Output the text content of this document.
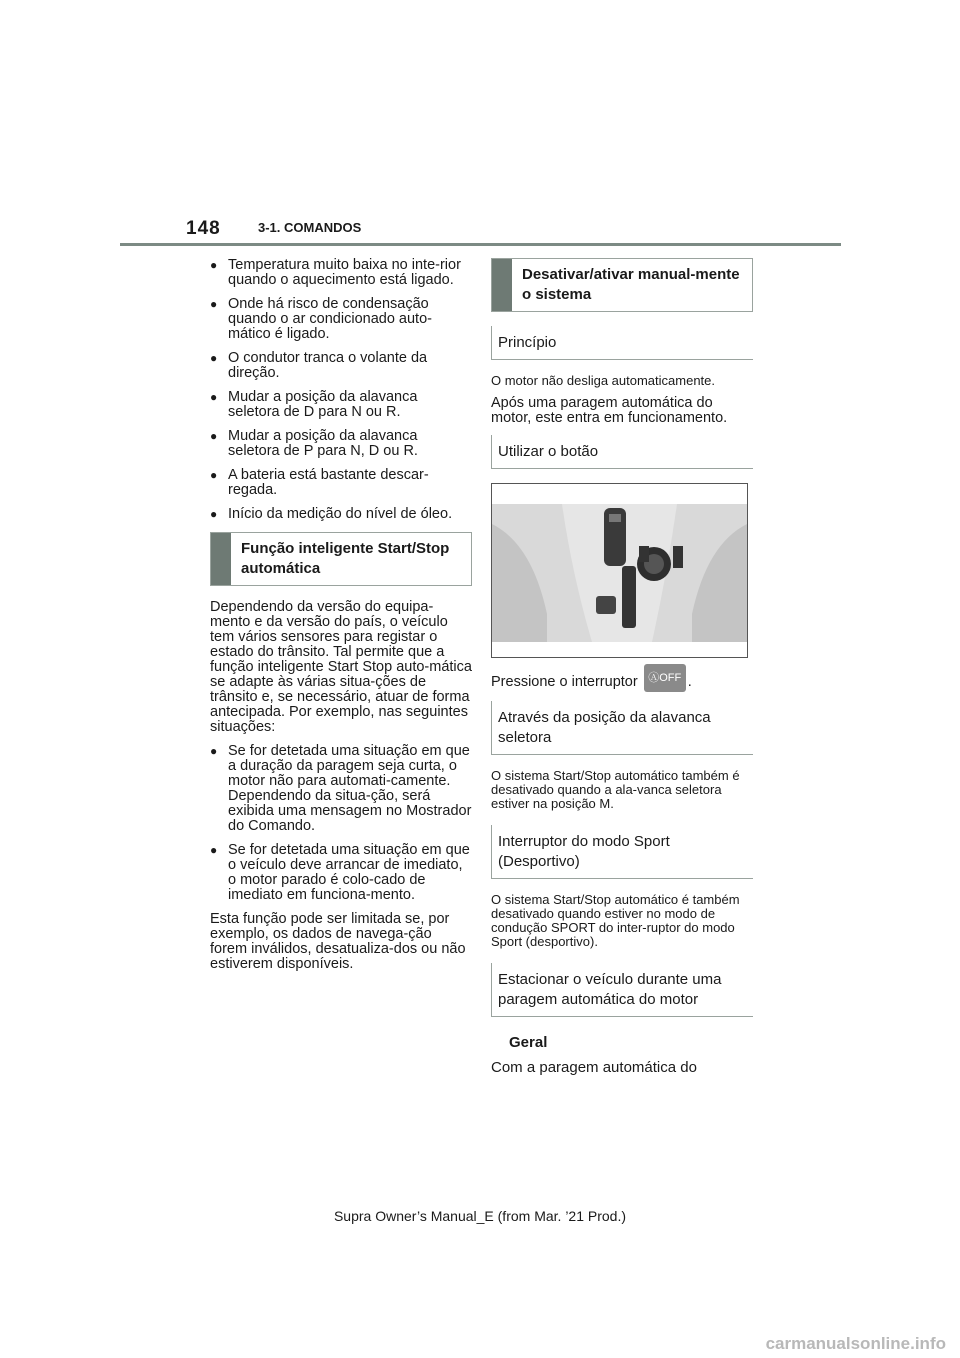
148	3-1. COMANDOS
● Temperatura muito baixa no inte-rior quando o aquecimento está ligado.
● Onde há risco de condensação quando o ar condicionado auto-mático é ligado.
● O condutor tranca o volante da direção.
● Mudar a posição da alavanca seletora de D para N ou R.
● Mudar a posição da alavanca seletora de P para N, D ou R.
● A bateria está bastante descar-regada.
● Início da medição do nível de óleo.
Função inteligente Start/Stop automática
Dependendo da versão do equipa-mento e da versão do país, o veículo tem vários sensores para registar o estado do trânsito. Tal permite que a função inteligente Start Stop auto-mática se adapte às várias situa-ções de trânsito e, se necessário, atuar de forma antecipada. Por exemplo, nas seguintes situações:
● Se for detetada uma situação em que a duração da paragem seja curta, o motor não para automati-camente. Dependendo da situa-ção, será exibida uma mensagem no Mostrador do Comando.
● Se for detetada uma situação em que o veículo deve arrancar de imediato, o motor parado é colo-cado de imediato em funciona-mento.
Esta função pode ser limitada se, por exemplo, os dados de navega-ção forem inválidos, desatualiza-dos ou não estiverem disponíveis.
Desativar/ativar manual-mente o sistema
Princípio
O motor não desliga automaticamente.
Após uma paragem automática do motor, este entra em funcionamento.
Utilizar o botão
Pressione o interruptor ⒶOFF .
Através da posição da alavanca seletora
O sistema Start/Stop automático também é desativado quando a ala-vanca seletora estiver na posição M.
Interruptor do modo Sport (Desportivo)
O sistema Start/Stop automático é também desativado quando estiver no modo de condução SPORT do inter-ruptor do modo Sport (desportivo).
Estacionar o veículo durante uma paragem automática do motor
Geral
Com a paragem automática do
Supra Owner’s Manual_E (from Mar. ’21 Prod.)
carmanualsonline.info
